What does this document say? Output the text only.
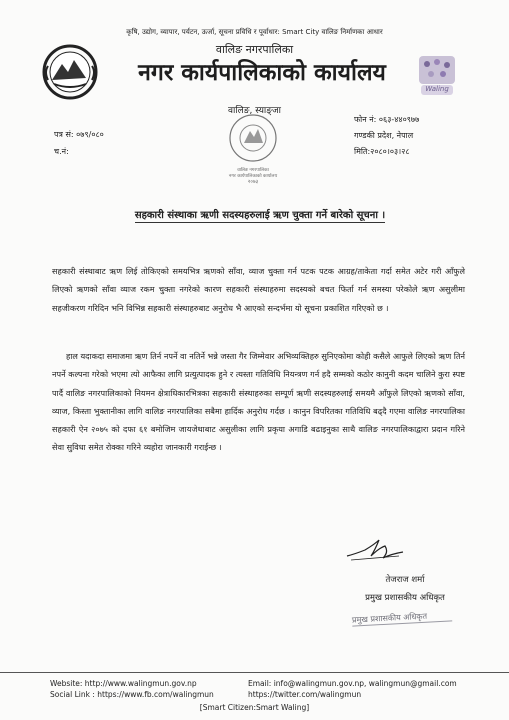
कृषि, उद्योग, व्यापार, पर्यटन, ऊर्जा, सूचना प्रविधि र पूर्वाधार: Smart City वालिङ निर्माणका आधार
वालिङ नगरपालिका
नगर कार्यपालिकाको कार्यालय
वालिङ, स्याङ्जा
Waling
पत्र सं: ०७९/०८०
च.नं:
फोन नं: ०६३-४४०९७७
गण्डकी प्रदेश, नेपाल
मिति:२०८०।०३।२८
वालिङ नगरपालिका
नगर कार्यपालिकाको कार्यालय
२०७३
सहकारी संस्थाका ऋणी सदस्यहरुलाई ऋण चुक्ता गर्ने बारेको सूचना ।

सहकारी संस्थाबाट ऋण लिई तोकिएको समयभित्र ऋणको साँवा, व्याज चुक्ता गर्न पटक पटक आग्रह/ताकेता गर्दा समेत अटेर गरी आँफुले लिएको ऋणको साँवा व्याज रकम चुक्ता नगरेको कारण सहकारी संस्थाहरुमा सदस्यको बचत फिर्ता गर्न समस्या परेकोले ऋण असुलीमा सहजीकरण गरिदिन भनि विभिन्न सहकारी संस्थाहरुबाट अनुरोध भै आएको सन्दर्भमा यो सूचना प्रकाशित गरिएको छ ।

हाल यदाकदा समाजमा ऋण तिर्न नपर्ने वा नतिर्ने भन्ने जस्ता गैर जिम्मेवार अभिव्यक्तिहरु सुनिएकोमा कोही कसैले आफुले लिएको ऋण तिर्न नपर्ने कल्पना गरेको भएमा त्यो आफैका लागि प्रत्युत्पादक हुने र त्यस्ता गतिविधि नियन्त्रण गर्न हदै सम्मको कठोर कानुनी कदम चालिने कुरा स्पष्ट पार्दै वालिङ नगरपालिकाको नियमन क्षेत्राधिकारभित्रका सहकारी संस्थाहरुका सम्पूर्ण ऋणी सदस्यहरुलाई समयमै आँफुले लिएको ऋणको साँवा, व्याज, किस्ता भुक्तानीका लागि वालिङ नगरपालिका सबैमा हार्दिक अनुरोध गर्दछ । कानुन विपरितका गतिविधि बढ्दै गएमा वालिङ नगरपालिका सहकारी ऐन २०७५ को दफा ६१ बमोजिम जायजेथाबाट असुलीका लागि प्रकृया अगाडि बढाइनुका साथै वालिङ नगरपालिकाद्वारा प्रदान गरिने सेवा सुविधा समेत रोक्का गरिने व्यहोरा जानकारी गराईन्छ ।

तेजराज शर्मा
प्रमुख प्रशासकीय अधिकृत
प्रमुख प्रशासकीय अधिकृत
Website: http://www.walingmun.gov.np
Social Link : https://www.fb.com/walingmun
Email: info@walingmun.gov.np, walingmun@gmail.com
https://twitter.com/walingmun
[Smart Citizen:Smart Waling]
